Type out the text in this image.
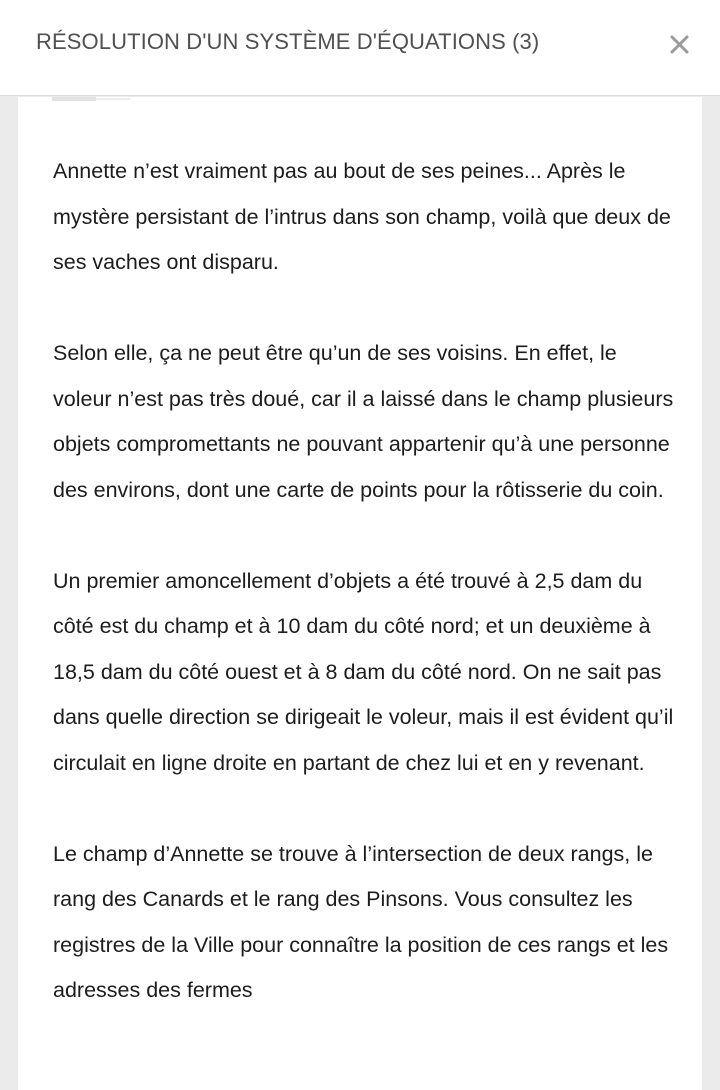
RÉSOLUTION D'UN SYSTÈME D'ÉQUATIONS (3)

Annette n’est vraiment pas au bout de ses peines... Après le mystère persistant de l’intrus dans son champ, voilà que deux de ses vaches ont disparu.

Selon elle, ça ne peut être qu’un de ses voisins. En effet, le voleur n’est pas très doué, car il a laissé dans le champ plusieurs objets compromettants ne pouvant appartenir qu’à une personne des environs, dont une carte de points pour la rôtisserie du coin.

Un premier amoncellement d’objets a été trouvé à 2,5 dam du côté est du champ et à 10 dam du côté nord; et un deuxième à 18,5 dam du côté ouest et à 8 dam du côté nord. On ne sait pas dans quelle direction se dirigeait le voleur, mais il est évident qu’il circulait en ligne droite en partant de chez lui et en y revenant.

Le champ d’Annette se trouve à l’intersection de deux rangs, le rang des Canards et le rang des Pinsons. Vous consultez les registres de la Ville pour connaître la position de ces rangs et les adresses des fermes
